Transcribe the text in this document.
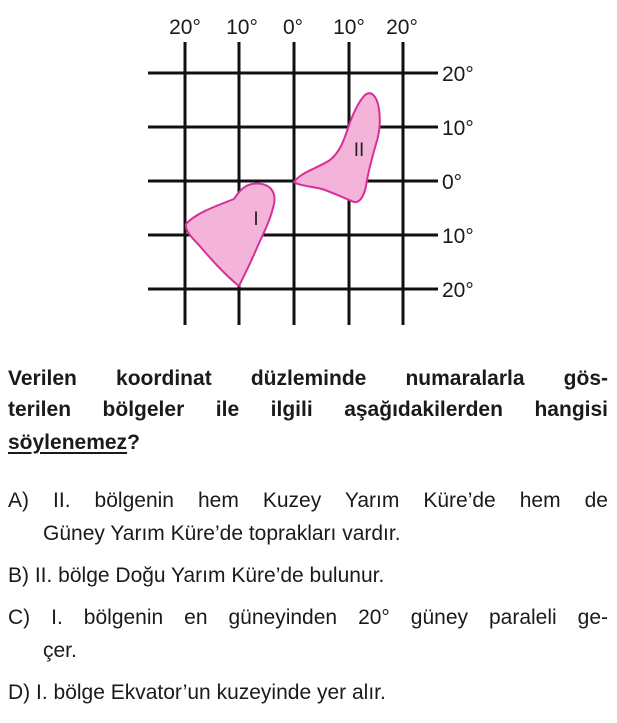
I
II
20° 10° 0° 10° 20°
20°
10°
0°
10°
20°
Verilen koordinat düzleminde numaralarla gös-
terilen bölgeler ile ilgili aşağıdakilerden hangisi
söylenemez?
A) II. bölgenin hem Kuzey Yarım Küre’de hem de
Güney Yarım Küre’de toprakları vardır.
B) II. bölge Doğu Yarım Küre’de bulunur.
C) I. bölgenin en güneyinden 20° güney paraleli ge-
çer.
D) I. bölge Ekvator’un kuzeyinde yer alır.
